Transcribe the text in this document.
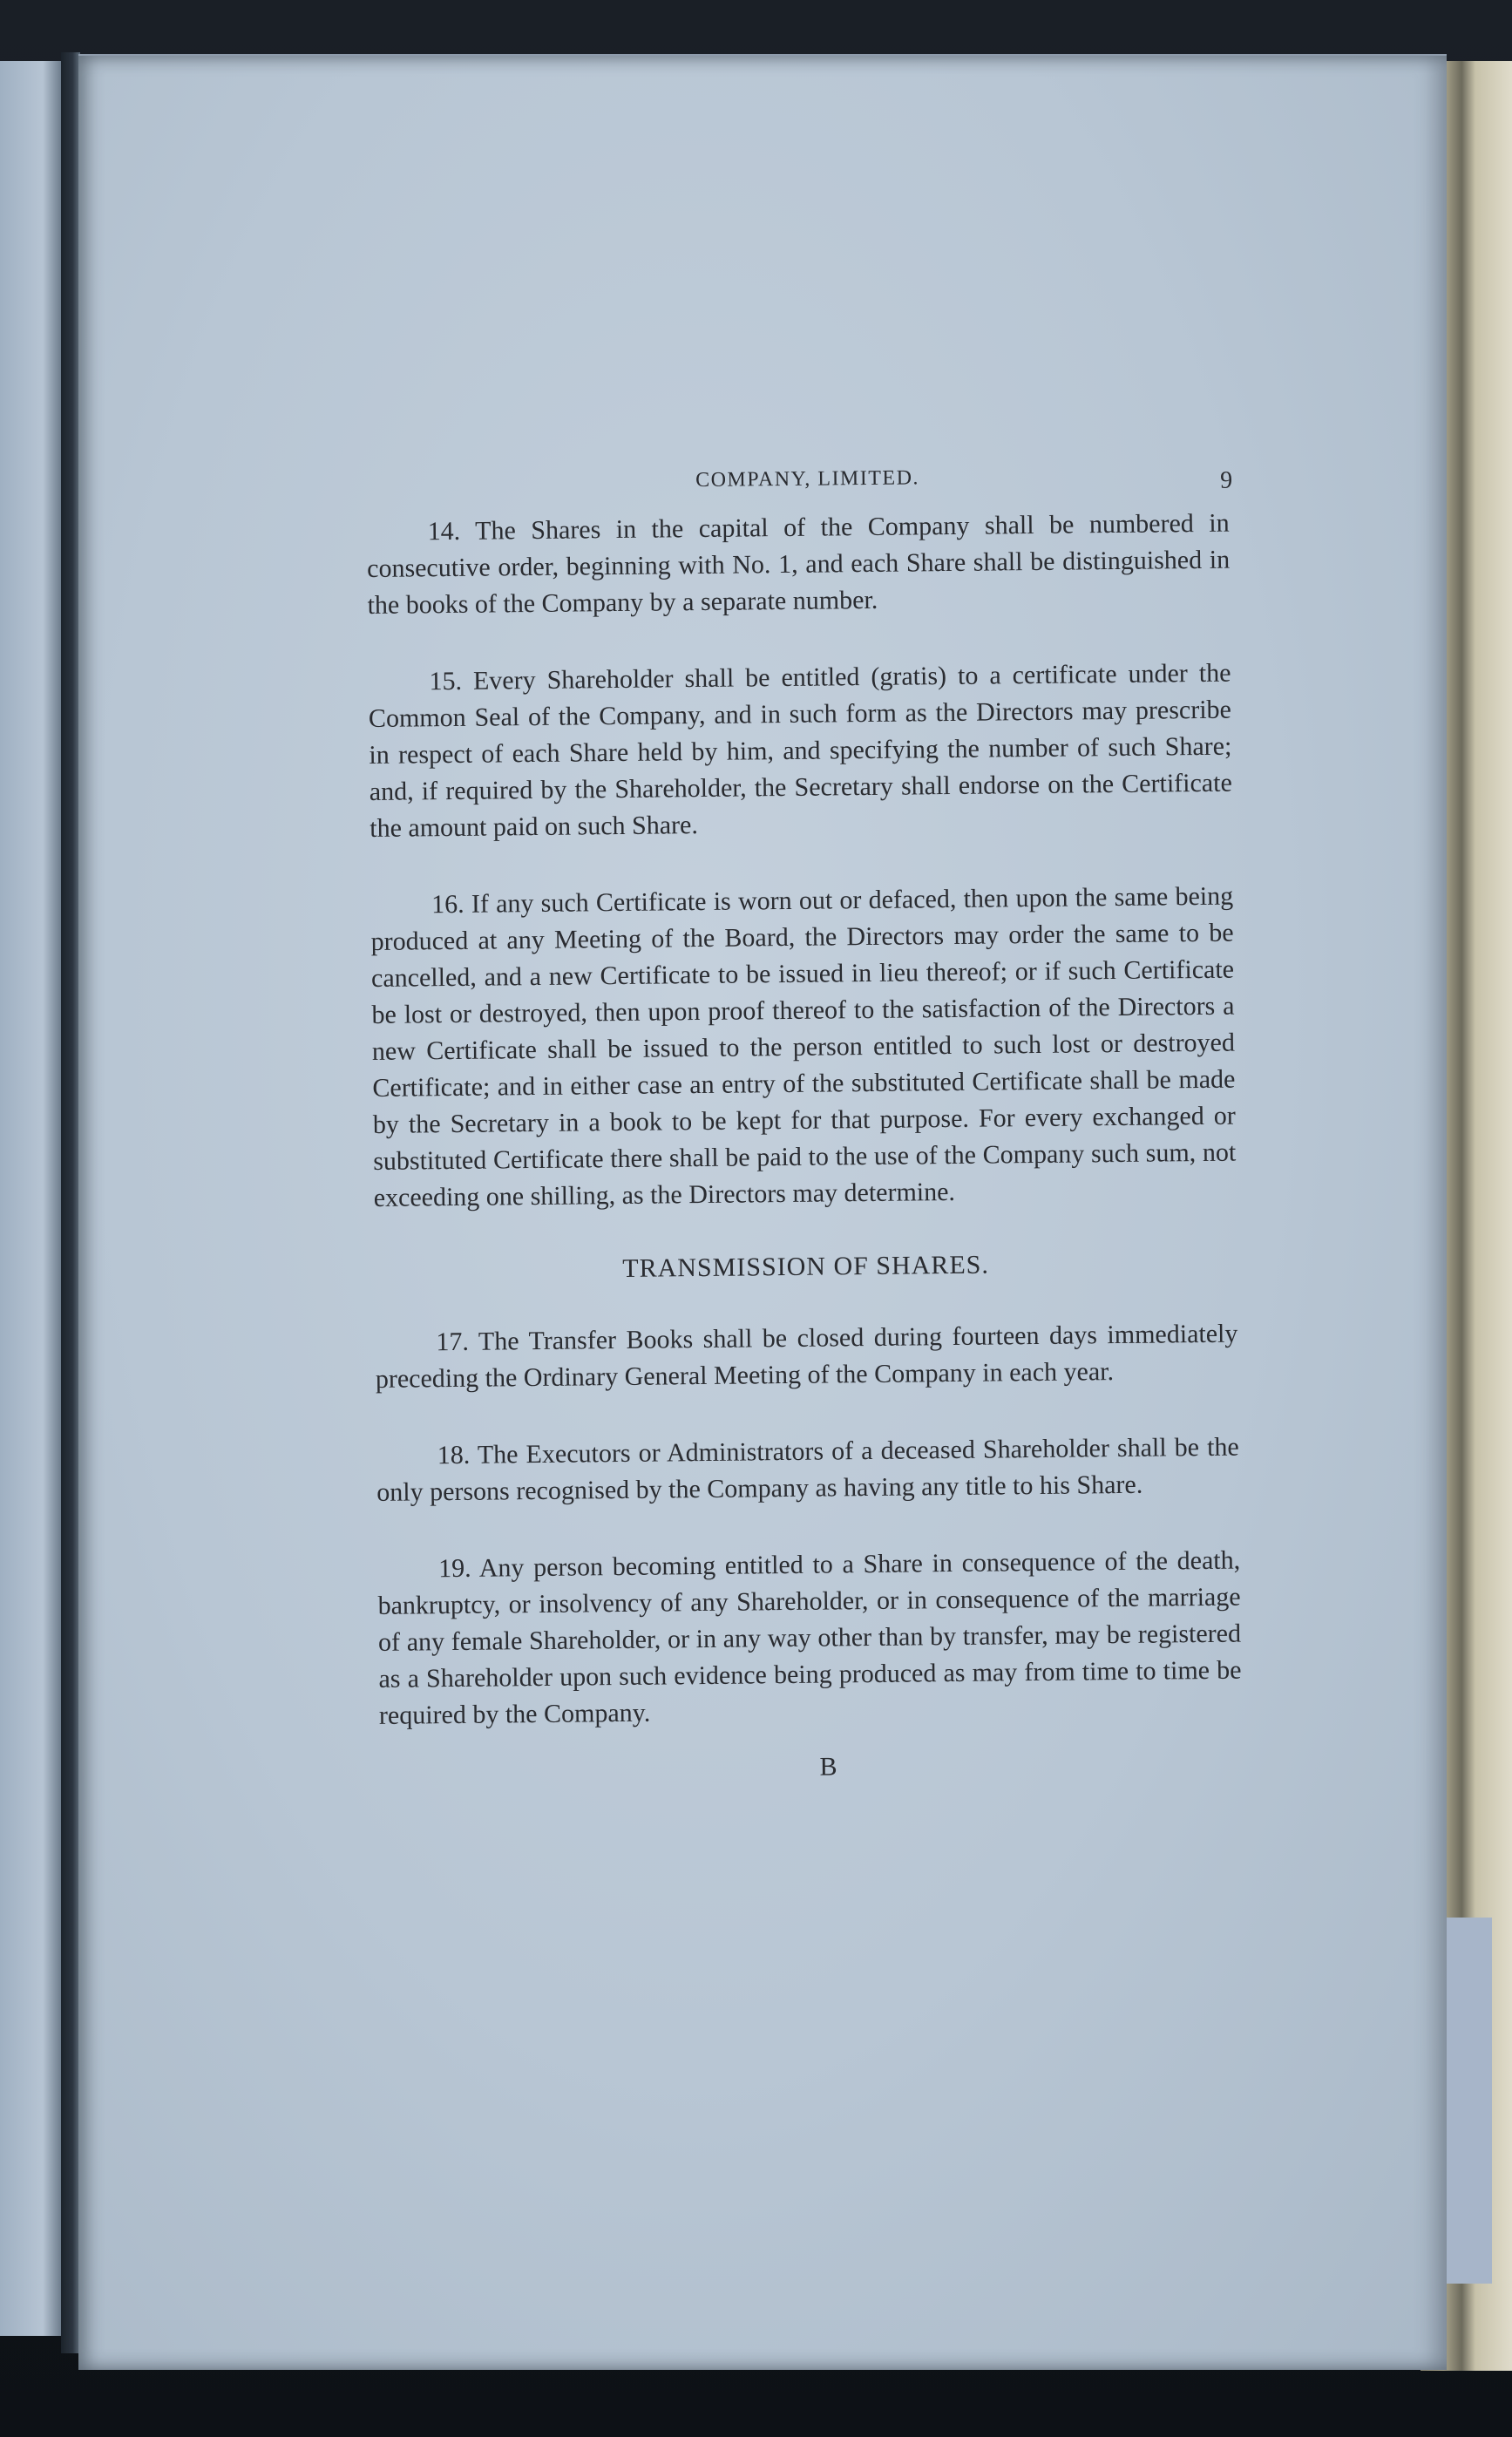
COMPANY, LIMITED.	9

14. The Shares in the capital of the Company shall be numbered in consecutive order, beginning with No. 1, and each Share shall be distinguished in the books of the Company by a separate number.

15. Every Shareholder shall be entitled (gratis) to a certificate under the Common Seal of the Company, and in such form as the Directors may prescribe in respect of each Share held by him, and specifying the number of such Share; and, if required by the Shareholder, the Secretary shall endorse on the Certificate the amount paid on such Share.

16. If any such Certificate is worn out or defaced, then upon the same being produced at any Meeting of the Board, the Directors may order the same to be cancelled, and a new Certificate to be issued in lieu thereof; or if such Certificate be lost or destroyed, then upon proof thereof to the satisfaction of the Directors a new Certificate shall be issued to the person entitled to such lost or destroyed Certificate; and in either case an entry of the substituted Certificate shall be made by the Secretary in a book to be kept for that purpose. For every exchanged or substituted Certificate there shall be paid to the use of the Company such sum, not exceeding one shilling, as the Directors may determine.

TRANSMISSION OF SHARES.

17. The Transfer Books shall be closed during fourteen days immediately preceding the Ordinary General Meeting of the Company in each year.

18. The Executors or Administrators of a deceased Shareholder shall be the only persons recognised by the Company as having any title to his Share.

19. Any person becoming entitled to a Share in consequence of the death, bankruptcy, or insolvency of any Shareholder, or in consequence of the marriage of any female Shareholder, or in any way other than by transfer, may be registered as a Shareholder upon such evidence being produced as may from time to time be required by the Company.

B
